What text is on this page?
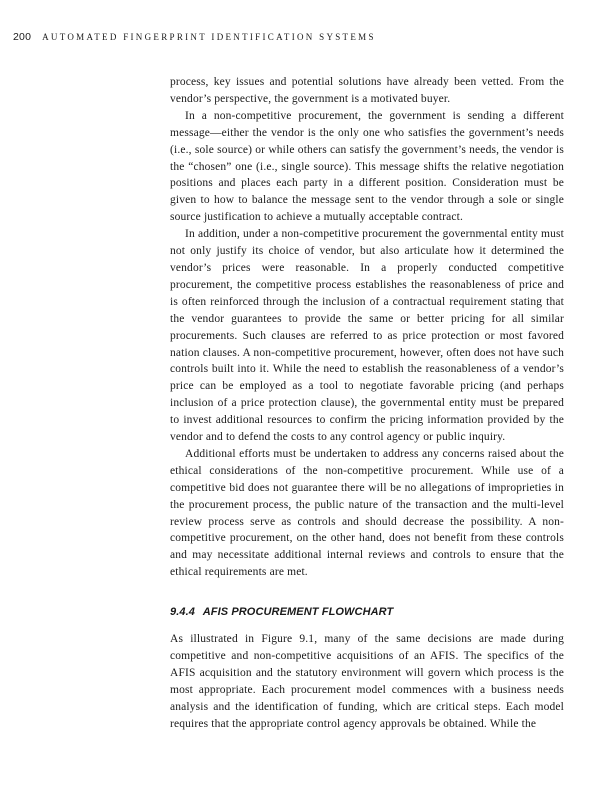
200 AUTOMATED FINGERPRINT IDENTIFICATION SYSTEMS

process, key issues and potential solutions have already been vetted. From the vendor’s perspective, the government is a motivated buyer.

In a non-competitive procurement, the government is sending a different message—either the vendor is the only one who satisfies the government’s needs (i.e., sole source) or while others can satisfy the government’s needs, the vendor is the “chosen” one (i.e., single source). This message shifts the relative negotiation positions and places each party in a different position. Consideration must be given to how to balance the message sent to the vendor through a sole or single source justification to achieve a mutually acceptable contract.

In addition, under a non-competitive procurement the governmental entity must not only justify its choice of vendor, but also articulate how it determined the vendor’s prices were reasonable. In a properly conducted competitive procurement, the competitive process establishes the reasonableness of price and is often reinforced through the inclusion of a contractual requirement stating that the vendor guarantees to provide the same or better pricing for all similar procurements. Such clauses are referred to as price protection or most favored nation clauses. A non-competitive procurement, however, often does not have such controls built into it. While the need to establish the reasonableness of a vendor’s price can be employed as a tool to negotiate favorable pricing (and perhaps inclusion of a price protection clause), the governmental entity must be prepared to invest additional resources to confirm the pricing information provided by the vendor and to defend the costs to any control agency or public inquiry.

Additional efforts must be undertaken to address any concerns raised about the ethical considerations of the non-competitive procurement. While use of a competitive bid does not guarantee there will be no allegations of improprieties in the procurement process, the public nature of the transaction and the multi-level review process serve as controls and should decrease the possibility. A non-competitive procurement, on the other hand, does not benefit from these controls and may necessitate additional internal reviews and controls to ensure that the ethical requirements are met.

9.4.4 AFIS PROCUREMENT FLOWCHART

As illustrated in Figure 9.1, many of the same decisions are made during competitive and non-competitive acquisitions of an AFIS. The specifics of the AFIS acquisition and the statutory environment will govern which process is the most appropriate. Each procurement model commences with a business needs analysis and the identification of funding, which are critical steps. Each model requires that the appropriate control agency approvals be obtained. While the
